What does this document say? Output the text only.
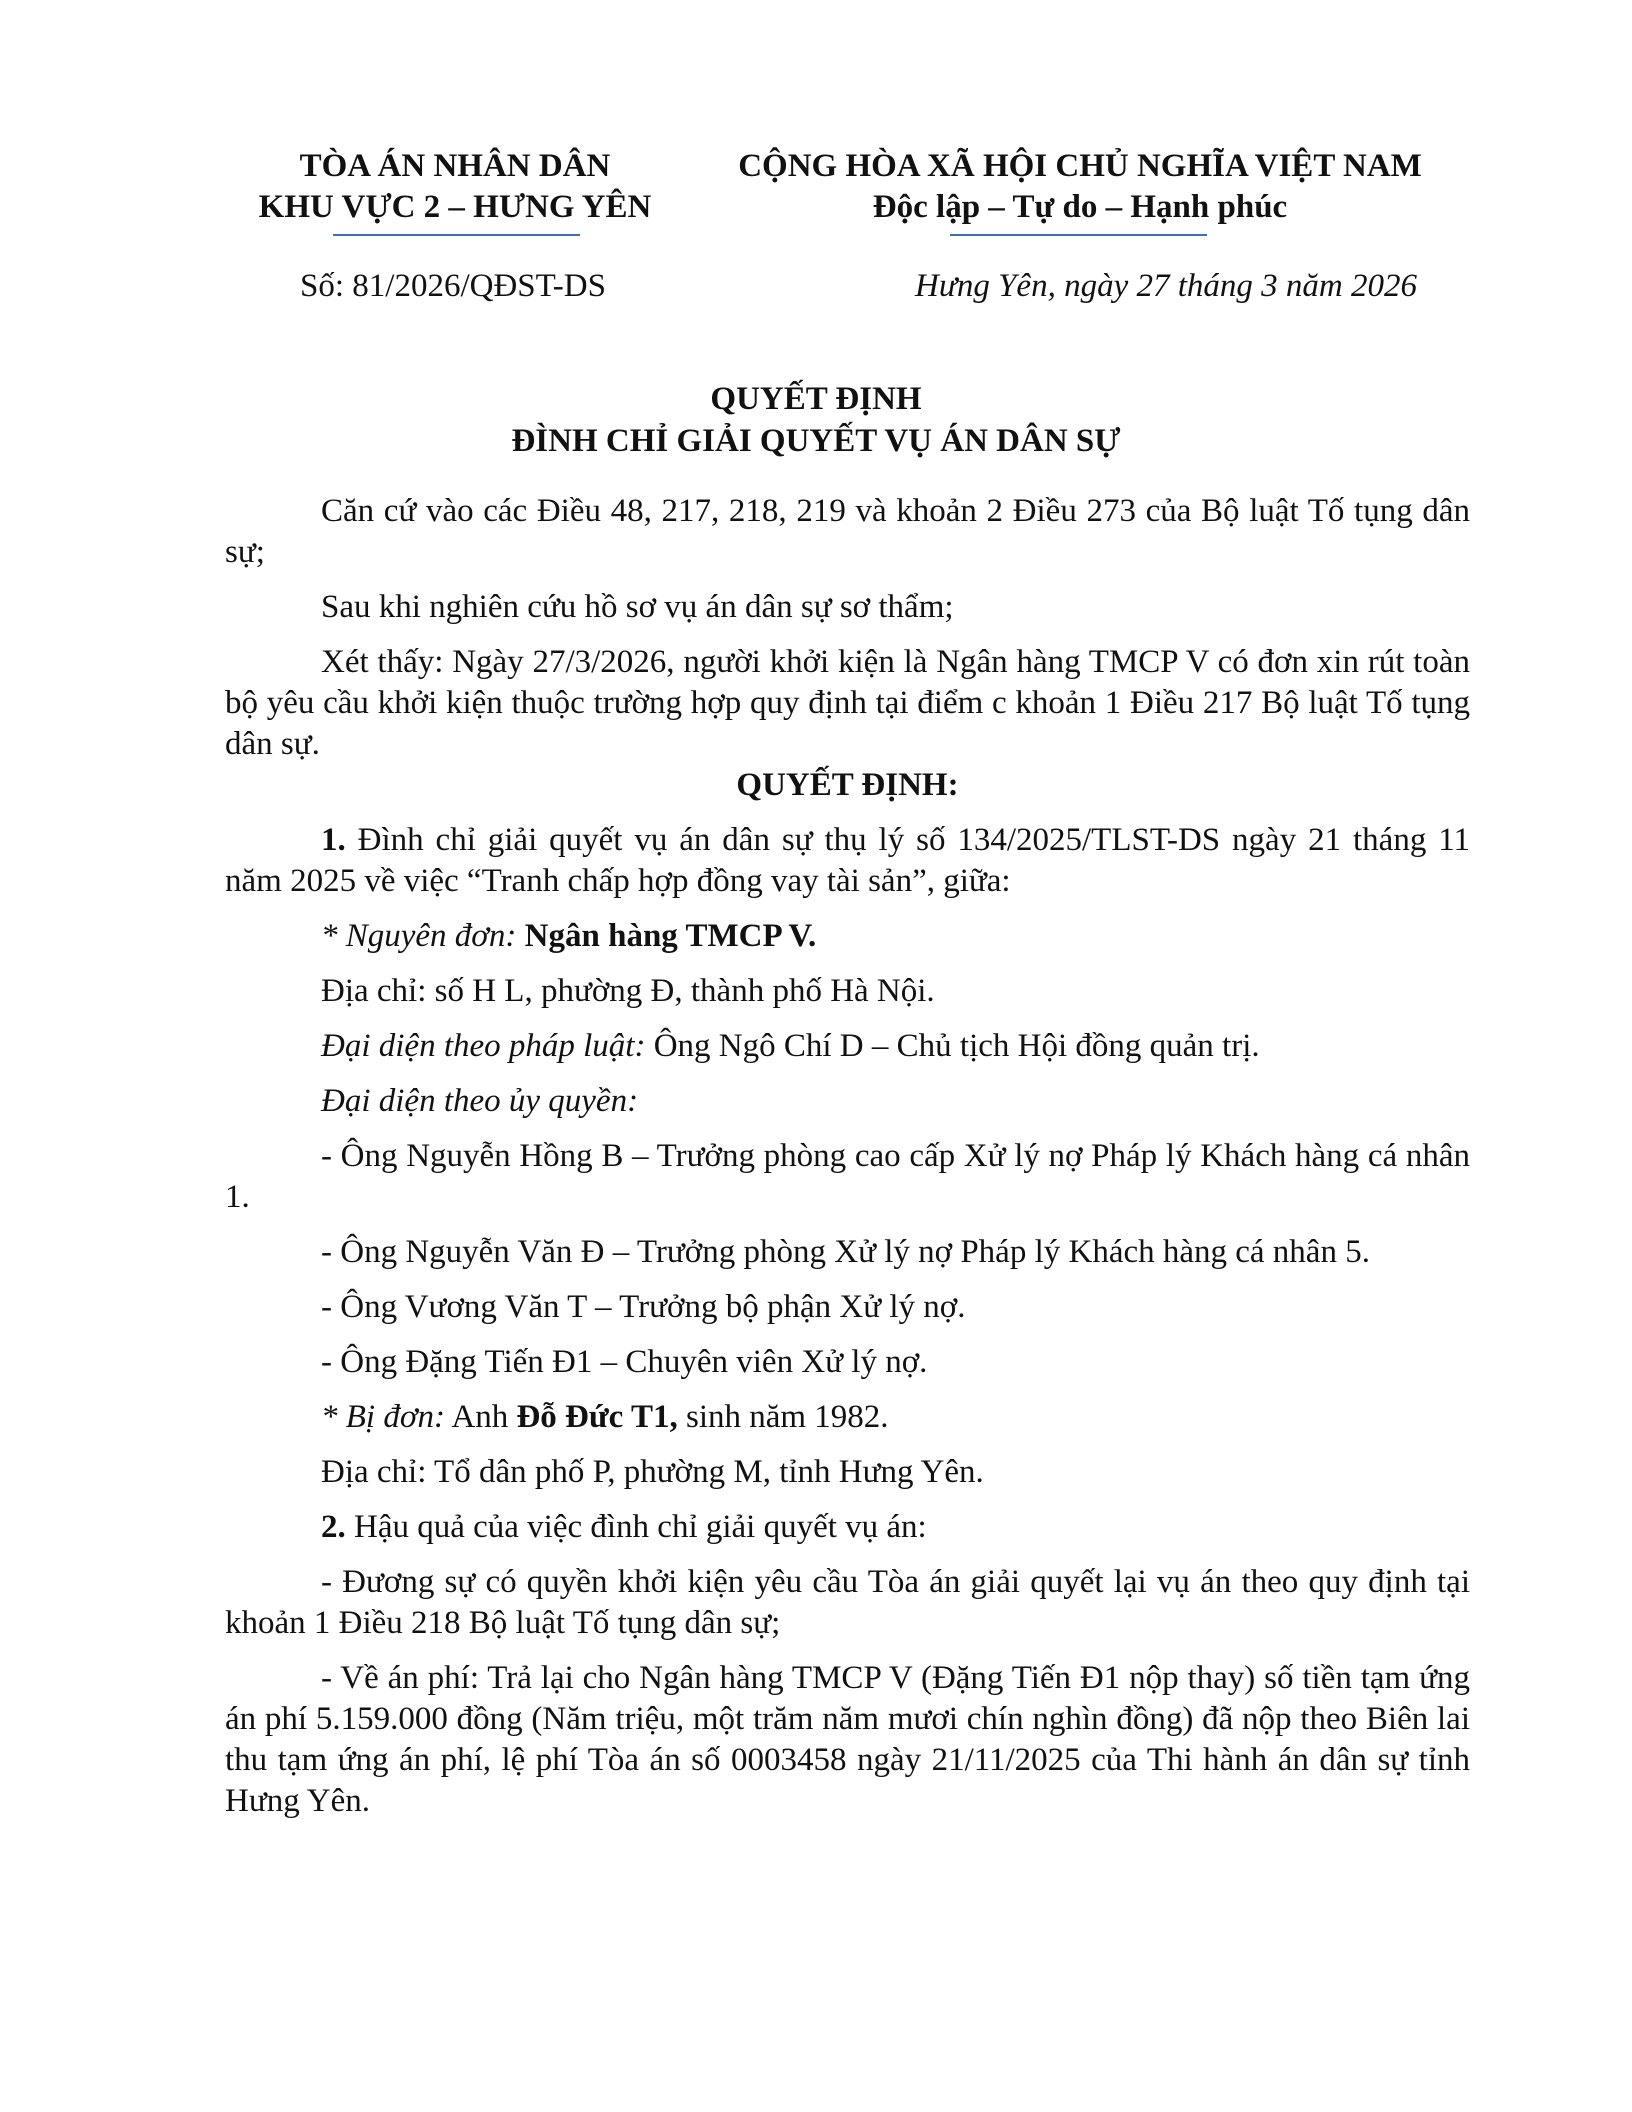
TÒA ÁN NHÂN DÂN
KHU VỰC 2 – HƯNG YÊN
CỘNG HÒA XÃ HỘI CHỦ NGHĨA VIỆT NAM
Độc lập – Tự do – Hạnh phúc
Số: 81/2026/QĐST-DS	Hưng Yên, ngày 27 tháng 3 năm 2026
QUYẾT ĐỊNH
ĐÌNH CHỈ GIẢI QUYẾT VỤ ÁN DÂN SỰ

Căn cứ vào các Điều 48, 217, 218, 219 và khoản 2 Điều 273 của Bộ luật Tố tụng dân sự;

Sau khi nghiên cứu hồ sơ vụ án dân sự sơ thẩm;

Xét thấy: Ngày 27/3/2026, người khởi kiện là Ngân hàng TMCP V có đơn xin rút toàn bộ yêu cầu khởi kiện thuộc trường hợp quy định tại điểm c khoản 1 Điều 217 Bộ luật Tố tụng dân sự.

QUYẾT ĐỊNH:

1. Đình chỉ giải quyết vụ án dân sự thụ lý số 134/2025/TLST-DS ngày 21 tháng 11 năm 2025 về việc “Tranh chấp hợp đồng vay tài sản”, giữa:

* Nguyên đơn: Ngân hàng TMCP V.

Địa chỉ: số H L, phường Đ, thành phố Hà Nội.

Đại diện theo pháp luật: Ông Ngô Chí D – Chủ tịch Hội đồng quản trị.

Đại diện theo ủy quyền:

- Ông Nguyễn Hồng B – Trưởng phòng cao cấp Xử lý nợ Pháp lý Khách hàng cá nhân 1.

- Ông Nguyễn Văn Đ – Trưởng phòng Xử lý nợ Pháp lý Khách hàng cá nhân 5.

- Ông Vương Văn T – Trưởng bộ phận Xử lý nợ.

- Ông Đặng Tiến Đ1 – Chuyên viên Xử lý nợ.

* Bị đơn: Anh Đỗ Đức T1, sinh năm 1982.

Địa chỉ: Tổ dân phố P, phường M, tỉnh Hưng Yên.

2. Hậu quả của việc đình chỉ giải quyết vụ án:

- Đương sự có quyền khởi kiện yêu cầu Tòa án giải quyết lại vụ án theo quy định tại khoản 1 Điều 218 Bộ luật Tố tụng dân sự;

- Về án phí: Trả lại cho Ngân hàng TMCP V (Đặng Tiến Đ1 nộp thay) số tiền tạm ứng án phí 5.159.000 đồng (Năm triệu, một trăm năm mươi chín nghìn đồng) đã nộp theo Biên lai thu tạm ứng án phí, lệ phí Tòa án số 0003458 ngày 21/11/2025 của Thi hành án dân sự tỉnh Hưng Yên.
